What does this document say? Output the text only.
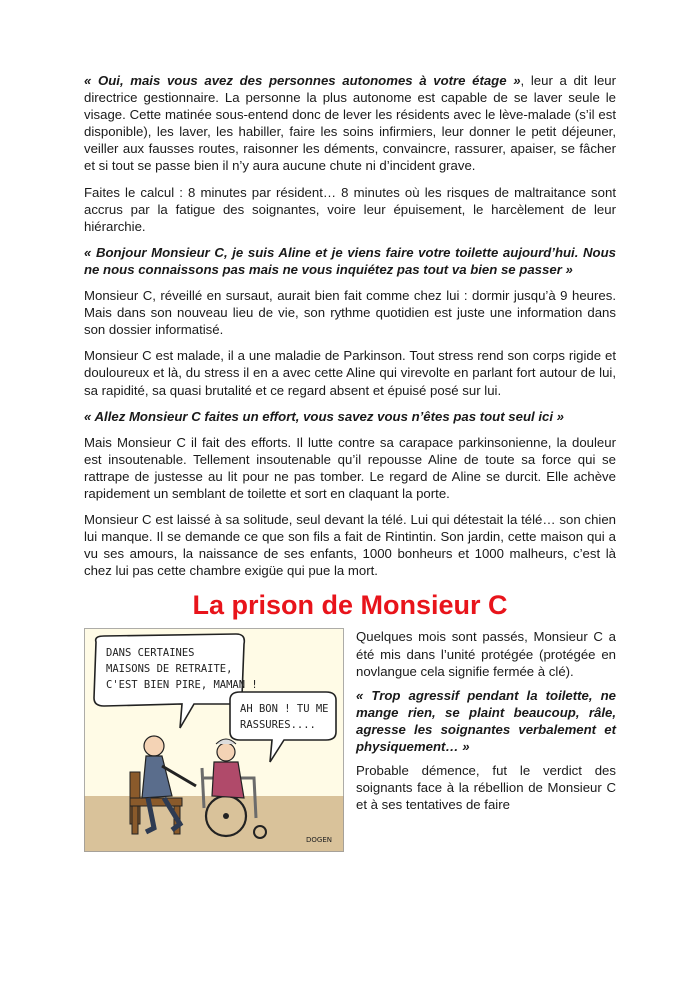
« Oui, mais vous avez des personnes autonomes à votre étage », leur a dit leur directrice gestionnaire. La personne la plus autonome est capable de se laver seule le visage. Cette matinée sous-entend donc de lever les résidents avec le lève-malade (s’il est disponible), les laver, les habiller, faire les soins infirmiers, leur donner le petit déjeuner, veiller aux fausses routes, raisonner les déments, convaincre, rassurer, apaiser, se fâcher et si tout se passe bien il n’y aura aucune chute ni d’incident grave.

Faites le calcul : 8 minutes par résident… 8 minutes où les risques de maltraitance sont accrus par la fatigue des soignantes, voire leur épuisement, le harcèlement de leur hiérarchie.

« Bonjour Monsieur C, je suis Aline et je viens faire votre toilette aujourd’hui. Nous ne nous connaissons pas mais ne vous inquiétez pas tout va bien se passer »

Monsieur C, réveillé en sursaut, aurait bien fait comme chez lui : dormir jusqu’à 9 heures. Mais dans son nouveau lieu de vie, son rythme quotidien est juste une information dans son dossier informatisé.

Monsieur C est malade, il a une maladie de Parkinson. Tout stress rend son corps rigide et douloureux et là, du stress il en a avec cette Aline qui virevolte en parlant fort autour de lui, sa rapidité, sa quasi brutalité et ce regard absent et épuisé posé sur lui.

« Allez Monsieur C faites un effort, vous savez vous n’êtes pas tout seul ici »

Mais Monsieur C il fait des efforts. Il lutte contre sa carapace parkinsonienne, la douleur est insoutenable. Tellement insoutenable qu’il repousse Aline de toute sa force qui se rattrape de justesse au lit pour ne pas tomber. Le regard de Aline se durcit. Elle achève rapidement un semblant de toilette et sort en claquant la porte.

Monsieur C est laissé à sa solitude, seul devant la télé. Lui qui détestait la télé… son chien lui manque. Il se demande ce que son fils a fait de Rintintin. Son jardin, cette maison qui a vu ses amours, la naissance de ses enfants, 1000 bonheurs et 1000 malheurs, c’est là chez lui pas cette chambre exigüe qui pue la mort.

La prison de Monsieur C
DANS CERTAINES MAISONS DE RETRAITE, C'EST BIEN PIRE, MAMAN !
AH BON ! TU ME RASSURES....
DOGEN

Quelques mois sont passés, Monsieur C a été mis dans l’unité protégée (protégée en novlangue cela signifie fermée à clé).

« Trop agressif pendant la toilette, ne mange rien, se plaint beaucoup, râle, agresse les soignantes verbalement et physiquement… »

Probable démence, fut le verdict des soignants face à la rébellion de Monsieur C et à ses tentatives de faire
